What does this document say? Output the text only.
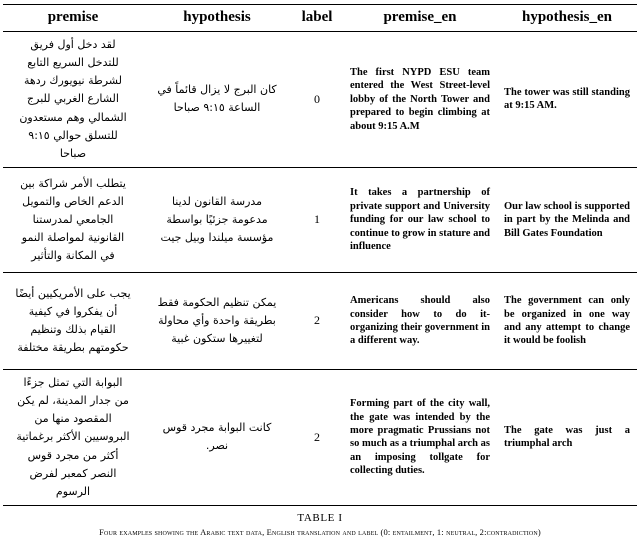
premise	hypothesis	label	premise_en	hypothesis_en
لقد دخل أول فريق للتدخل السريع التابع لشرطة نيويورك ردهة الشارع الغربي للبرج الشمالي وهم مستعدون للتسلق حوالي ٩:١٥ صباحا	كان البرج لا يزال قائماً في الساعة ٩:١٥ صباحا	0	The first NYPD ESU team entered the West Street-level lobby of the North Tower and prepared to begin climbing at about 9:15 A.M	The tower was still standing at 9:15 AM.
يتطلب الأمر شراكة بين الدعم الخاص والتمويل الجامعي لمدرستنا القانونية لمواصلة النمو في المكانة والتأثير	مدرسة القانون لدينا مدعومة جزئيًا بواسطة مؤسسة ميلندا وبيل جيت	1	It takes a partnership of private support and University funding for our law school to continue to grow in stature and influence	Our law school is supported in part by the Melinda and Bill Gates Foundation
يجب على الأمريكيين أيضًا أن يفكروا في كيفية القيام بذلك وتنظيم حكومتهم بطريقة مختلفة	يمكن تنظيم الحكومة فقط بطريقة واحدة وأي محاولة لتغييرها ستكون غبية	2	Americans should also consider how to do it-organizing their government in a different way.	The government can only be organized in one way and any attempt to change it would be foolish
البوابة التي تمثل جزءًا من جدار المدينة، لم يكن المقصود منها من البروسيين الأكثر برغماتية أكثر من مجرد قوس النصر كمعبر لفرض الرسوم	كانت البوابة مجرد قوس نصر.	2	Forming part of the city wall, the gate was intended by the more pragmatic Prussians not so much as a triumphal arch as an imposing tollgate for collecting duties.	The gate was just a triumphal arch
TABLE I
Four examples showing the Arabic text data, English translation and label (0: entailment, 1: neutral, 2:contradiction)
